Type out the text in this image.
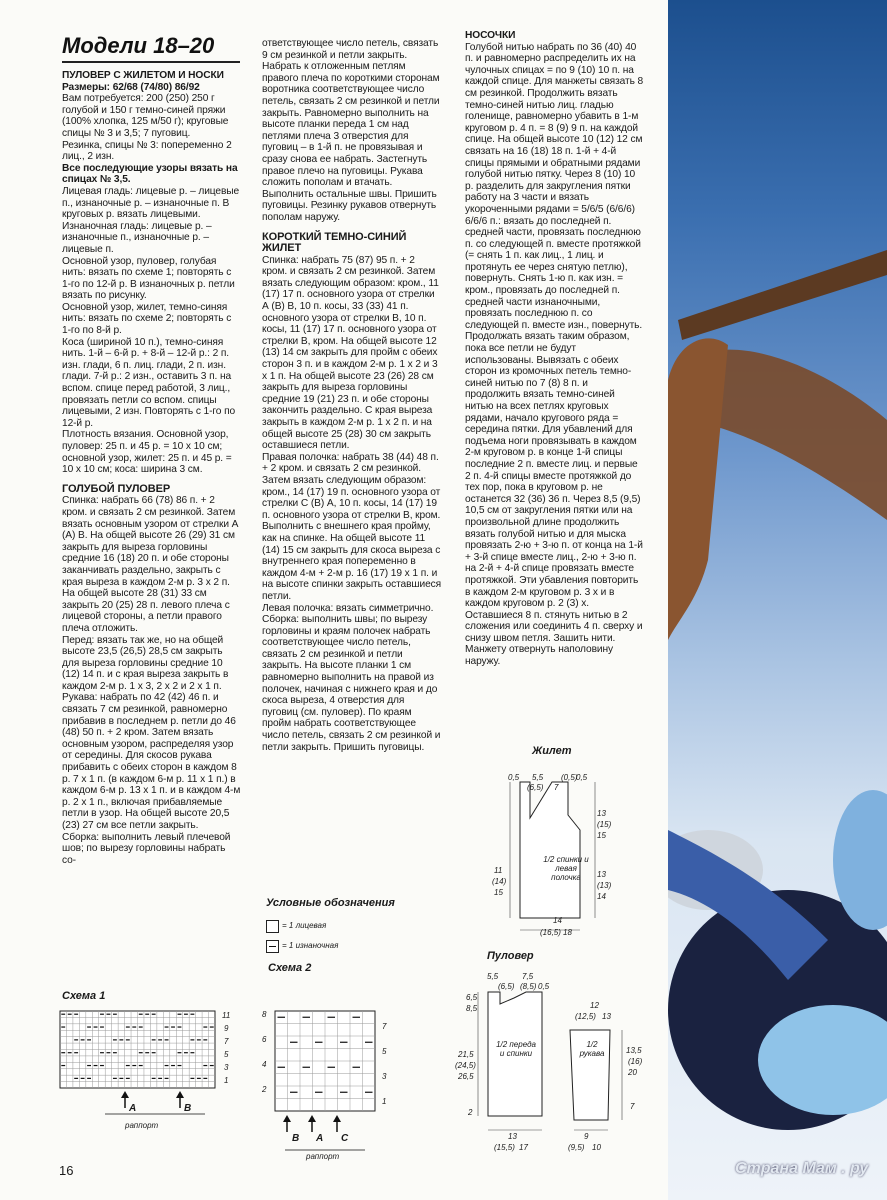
Модели 18–20

ПУЛОВЕР С ЖИЛЕТОМ И НОСКИ

Размеры: 62/68 (74/80) 86/92

Вам потребуется: 200 (250) 250 г голубой и 150 г темно-синей пряжи (100% хлопка, 125 м/50 г); круговые спицы № 3 и 3,5; 7 пуговиц.

Резинка, спицы № 3: попеременно 2 лиц., 2 изн.

Все последующие узоры вязать на спицах № 3,5.

Лицевая гладь: лицевые р. – лицевые п., изнаночные р. – изнаночные п. В круговых р. вязать лицевыми.

Изнаночная гладь: лицевые р. – изнаночные п., изнаночные р. – лицевые п.

Основной узор, пуловер, голубая нить: вязать по схеме 1; повторять с 1-го по 12-й р. В изнаночных р. петли вязать по рисунку.

Основной узор, жилет, темно-синяя нить: вязать по схеме 2; повторять с 1-го по 8-й р.

Коса (шириной 10 п.), темно-синяя нить. 1-й – 6-й р. + 8-й – 12-й р.: 2 п. изн. глади, 6 п. лиц. глади, 2 п. изн. глади. 7-й р.: 2 изн., оставить 3 п. на вспом. спице перед работой, 3 лиц., провязать петли со вспом. спицы лицевыми, 2 изн. Повторять с 1-го по 12-й р.

Плотность вязания. Основной узор, пуловер: 25 п. и 45 р. = 10 x 10 см; основной узор, жилет: 25 п. и 45 р. = 10 x 10 см; коса: ширина 3 см.

ГОЛУБОЙ ПУЛОВЕР

Спинка: набрать 66 (78) 86 п. + 2 кром. и связать 2 см резинкой. Затем вязать основным узором от стрелки А (А) В. На общей высоте 26 (29) 31 см закрыть для выреза горловины средние 16 (18) 20 п. и обе стороны заканчивать раздельно, закрыть с края выреза в каждом 2-м р. 3 x 2 п. На общей высоте 28 (31) 33 см закрыть 20 (25) 28 п. левого плеча с лицевой стороны, а петли правого плеча отложить.

Перед: вязать так же, но на общей высоте 23,5 (26,5) 28,5 см закрыть для выреза горловины средние 10 (12) 14 п. и с края выреза закрыть в каждом 2-м р. 1 x 3, 2 x 2 и 2 x 1 п.

Рукава: набрать по 42 (42) 46 п. и связать 7 см резинкой, равномерно прибавив в последнем р. петли до 46 (48) 50 п. + 2 кром. Затем вязать основным узором, распределяя узор от середины. Для скосов рукава прибавить с обеих сторон в каждом 8 р. 7 x 1 п. (в каждом 6-м р. 11 x 1 п.) в каждом 6-м р. 13 x 1 п. и в каждом 4-м р. 2 x 1 п., включая прибавляемые петли в узор. На общей высоте 20,5 (23) 27 см все петли закрыть.

Сборка: выполнить левый плечевой шов; по вырезу горловины набрать со-

ответствующее число петель, связать 9 см резинкой и петли закрыть. Набрать к отложенным петлям правого плеча по короткими сторонам воротника соответствующее число петель, связать 2 см резинкой и петли закрыть. Равномерно выполнить на высоте планки переда 1 см над петлями плеча 3 отверстия для пуговиц – в 1-й п. не провязывая и сразу снова ее набрать. Застегнуть правое плечо на пуговицы. Рукава сложить пополам и втачать. Выполнить остальные швы. Пришить пуговицы. Резинку рукавов отвернуть пополам наружу.

КОРОТКИЙ ТЕМНО-СИНИЙ ЖИЛЕТ

Спинка: набрать 75 (87) 95 п. + 2 кром. и связать 2 см резинкой. Затем вязать следующим образом: кром., 11 (17) 17 п. основного узора от стрелки А (В) В, 10 п. косы, 33 (33) 41 п. основного узора от стрелки В, 10 п. косы, 11 (17) 17 п. основного узора от стрелки В, кром. На общей высоте 12 (13) 14 см закрыть для пройм с обеих сторон 3 п. и в каждом 2-м р. 1 x 2 и 3 x 1 п. На общей высоте 23 (26) 28 см закрыть для выреза горловины средние 19 (21) 23 п. и обе стороны закончить раздельно. С края выреза закрыть в каждом 2-м р. 1 x 2 п. и на общей высоте 25 (28) 30 см закрыть оставшиеся петли.

Правая полочка: набрать 38 (44) 48 п. + 2 кром. и связать 2 см резинкой. Затем вязать следующим образом: кром., 14 (17) 19 п. основного узора от стрелки С (В) А, 10 п. косы, 14 (17) 19 п. основного узора от стрелки В, кром. Выполнить с внешнего края пройму, как на спинке. На общей высоте 11 (14) 15 см закрыть для скоса выреза с внутреннего края попеременно в каждом 4-м + 2-м р. 16 (17) 19 x 1 п. и на высоте спинки закрыть оставшиеся петли.

Левая полочка: вязать симметрично.

Сборка: выполнить швы; по вырезу горловины и краям полочек набрать соответствующее число петель, связать 2 см резинкой и петли закрыть. На высоте планки 1 см равномерно выполнить на правой из полочек, начиная с нижнего края и до скоса выреза, 4 отверстия для пуговиц (см. пуловер). По краям пройм набрать соответствующее число петель, связать 2 см резинкой и петли закрыть. Пришить пуговицы.

НОСОЧКИ

Голубой нитью набрать по 36 (40) 40 п. и равномерно распределить их на чулочных спицах = по 9 (10) 10 п. на каждой спице. Для манжеты связать 8 см резинкой. Продолжить вязать темно-синей нитью лиц. гладью голенище, равномерно убавить в 1-м круговом р. 4 п. = 8 (9) 9 п. на каждой спице. На общей высоте 10 (12) 12 см связать на 16 (18) 18 п. 1-й + 4-й спицы прямыми и обратными рядами голубой нитью пятку. Через 8 (10) 10 р. разделить для закругления пятки работу на 3 части и вязать укороченными рядами = 5/6/5 (6/6/6) 6/6/6 п.: вязать до последней п. средней части, провязать последнюю п. со следующей п. вместе протяжкой (= снять 1 п. как лиц., 1 лиц. и протянуть ее через снятую петлю), повернуть. Снять 1-ю п. как изн. = кром., провязать до последней п. средней части изнаночными, провязать последнюю п. со следующей п. вместе изн., повернуть. Продолжать вязать таким образом, пока все петли не будут использованы. Вывязать с обеих сторон из кромочных петель темно-синей нитью по 7 (8) 8 п. и продолжить вязать темно-синей нитью на всех петлях круговых рядами, начало кругового ряда = середина пятки. Для убавлений для подъема ноги провязывать в каждом 2-м круговом р. в конце 1-й спицы последние 2 п. вместе лиц. и первые 2 п. 4-й спицы вместе протяжкой до тех пор, пока в круговом р. не останется 32 (36) 36 п. Через 8,5 (9,5) 10,5 см от закругления пятки или на произвольной длине продолжить вязать голубой нитью и для мыска провязать 2-ю + 3-ю п. от конца на 1-й + 3-й спице вместе лиц., 2-ю + 3-ю п. на 2-й + 4-й спице провязать вместе протяжкой. Эти убавления повторить в каждом 2-м круговом р. 3 x и в каждом круговом р. 2 (3) x. Оставшиеся 8 п. стянуть нитью в 2 сложения или соединить 4 п. сверху и снизу швом петля. Зашить нити. Манжету отвернуть наполовину наружу.

Условные обозначения
= 1 лицевая
= 1 изнаночная
Схема 1
А	В
раппорт
11
9
7
5
3
1
Схема 2
В А С
раппорт
8
6
4
2
7
5
3
1
Жилет
1/2 спинки и левая полочка
0,5 5,5
(6,5) 7
(0,5)
0,5
13
(15)
15
13
(13)
14
11
(14)
15
14
(16,5) 18
Пуловер
1/2 переда и спинки
1/2 рукава
5,5	7,5
(6,5) (8,5) 0,5
6,5
8,5
21,5
(24,5)
26,5
2
13
(15,5) 17
12
(12,5) 13
13,5
(16)
20
7
9
(9,5) 10
16	Страна Мам . ру
